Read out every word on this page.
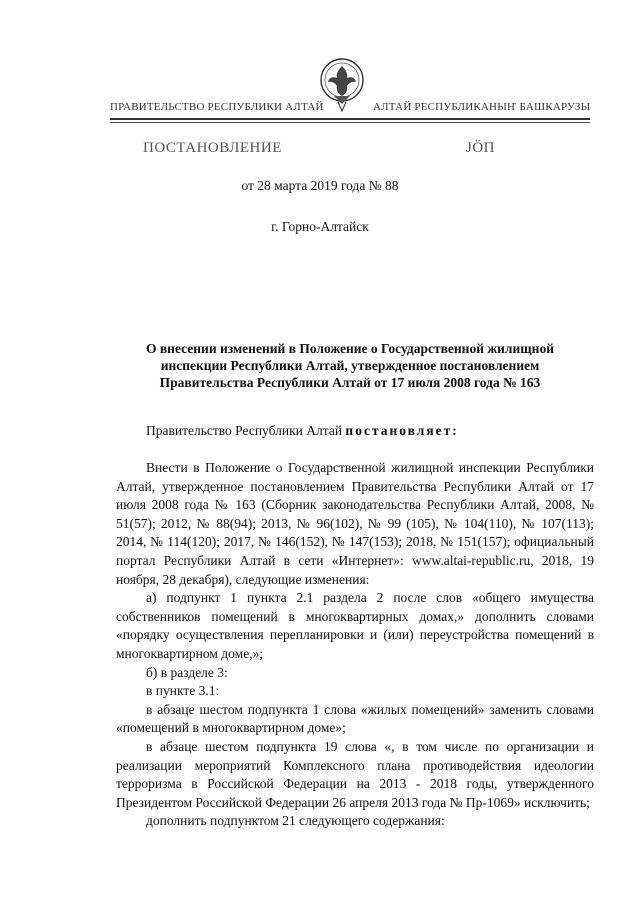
ПРАВИТЕЛЬСТВО РЕСПУБЛИКИ АЛТАЙ	АЛТАЙ РЕСПУБЛИКАНЫҤ БАШКАРУЗЫ
ПОСТАНОВЛЕНИЕ	ЈÖП
от 28 марта 2019 года № 88
г. Горно-Алтайск
О внесении изменений в Положение о Государственной жилищной
инспекции Республики Алтай, утвержденное постановлением
Правительства Республики Алтай от 17 июля 2008 года № 163
Правительство Республики Алтай постановляет:

Внести в Положение о Государственной жилищной инспекции Республики Алтай, утвержденное постановлением Правительства Республики Алтай от 17 июля 2008 года № 163 (Сборник законодательства Республики Алтай, 2008, № 51(57); 2012, № 88(94); 2013, № 96(102), № 99 (105), № 104(110), № 107(113); 2014, № 114(120); 2017, № 146(152), № 147(153); 2018, № 151(157); официальный портал Республики Алтай в сети «Интернет»: www.altai-republic.ru, 2018, 19 ноября, 28 декабря), следующие изменения:

а) подпункт 1 пункта 2.1 раздела 2 после слов «общего имущества собственников помещений в многоквартирных домах,» дополнить словами «порядку осуществления перепланировки и (или) переустройства помещений в многоквартирном доме,»;

б) в разделе 3:

в пункте 3.1:

в абзаце шестом подпункта 1 слова «жилых помещений» заменить словами «помещений в многоквартирном доме»;

в абзаце шестом подпункта 19 слова «, в том числе по организации и реализации мероприятий Комплексного плана противодействия идеологии терроризма в Российской Федерации на 2013 - 2018 годы, утвержденного Президентом Российской Федерации 26 апреля 2013 года № Пр-1069» исключить;

дополнить подпунктом 21 следующего содержания:
